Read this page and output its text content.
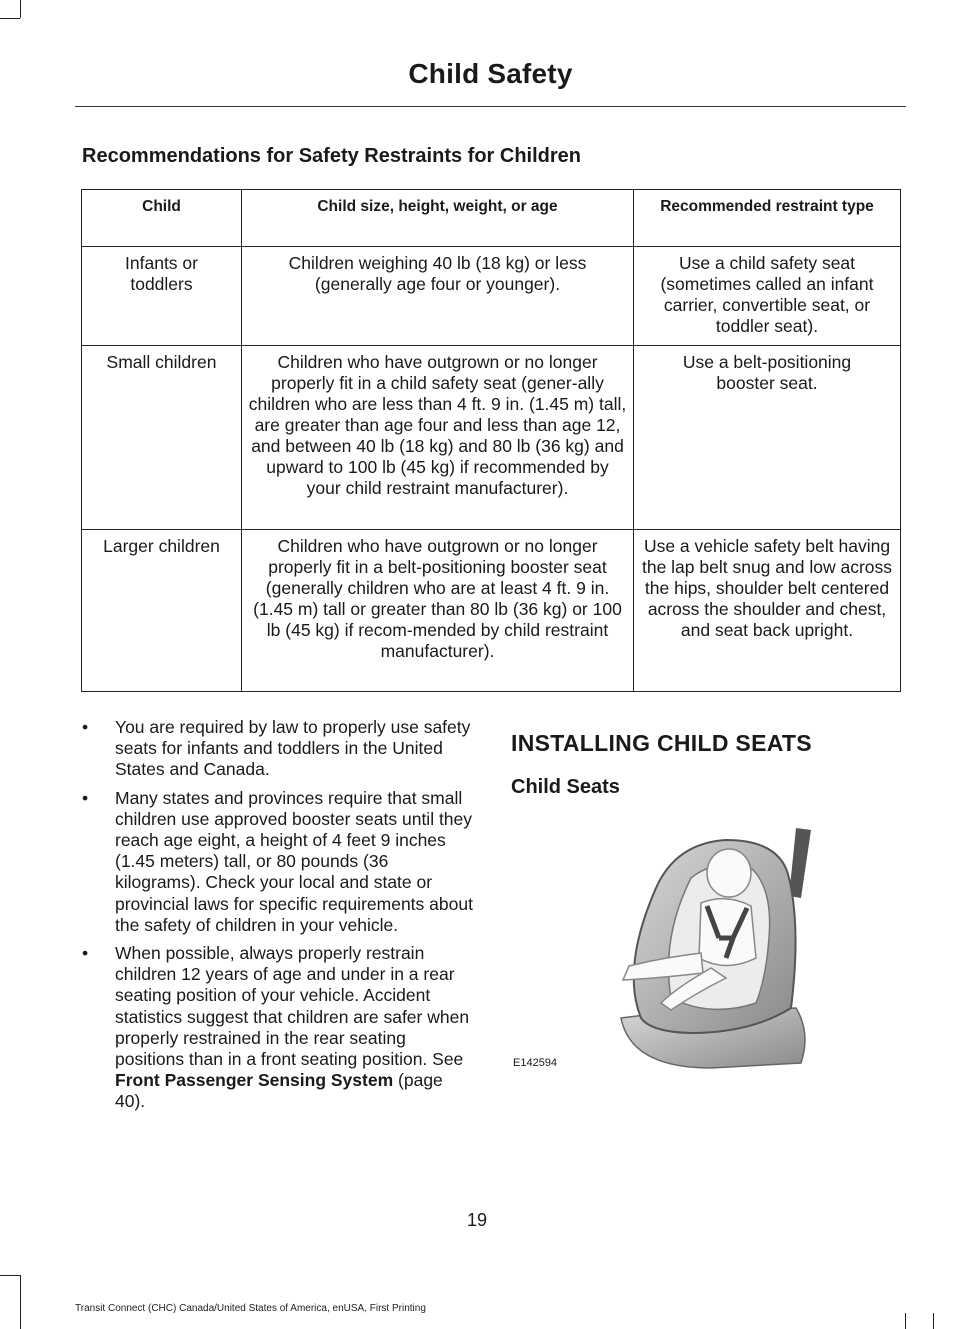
Child Safety
Recommendations for Safety Restraints for Children
Child	Child size, height, weight, or age	Recommended restraint type
Infants or toddlers	Children weighing 40 lb (18 kg) or less (generally age four or younger).	Use a child safety seat (sometimes called an infant carrier, convertible seat, or toddler seat).
Small children	Children who have outgrown or no longer properly fit in a child safety seat (gener-ally children who are less than 4 ft. 9 in. (1.45 m) tall, are greater than age four and less than age 12, and between 40 lb (18 kg) and 80 lb (36 kg) and upward to 100 lb (45 kg) if recommended by your child restraint manufacturer).	Use a belt-positioning booster seat.
Larger children	Children who have outgrown or no longer properly fit in a belt-positioning booster seat (generally children who are at least 4 ft. 9 in. (1.45 m) tall or greater than 80 lb (36 kg) or 100 lb (45 kg) if recom-mended by child restraint manufacturer).	Use a vehicle safety belt having the lap belt snug and low across the hips, shoulder belt centered across the shoulder and chest, and seat back upright.
• You are required by law to properly use safety seats for infants and toddlers in the United States and Canada.
• Many states and provinces require that small children use approved booster seats until they reach age eight, a height of 4 feet 9 inches (1.45 meters) tall, or 80 pounds (36 kilograms). Check your local and state or provincial laws for specific requirements about the safety of children in your vehicle.
• When possible, always properly restrain children 12 years of age and under in a rear seating position of your vehicle. Accident statistics suggest that children are safer when properly restrained in the rear seating positions than in a front seating position. See Front Passenger Sensing System (page 40).
INSTALLING CHILD SEATS
Child Seats
E142594
19
Transit Connect (CHC) Canada/United States of America, enUSA, First Printing
